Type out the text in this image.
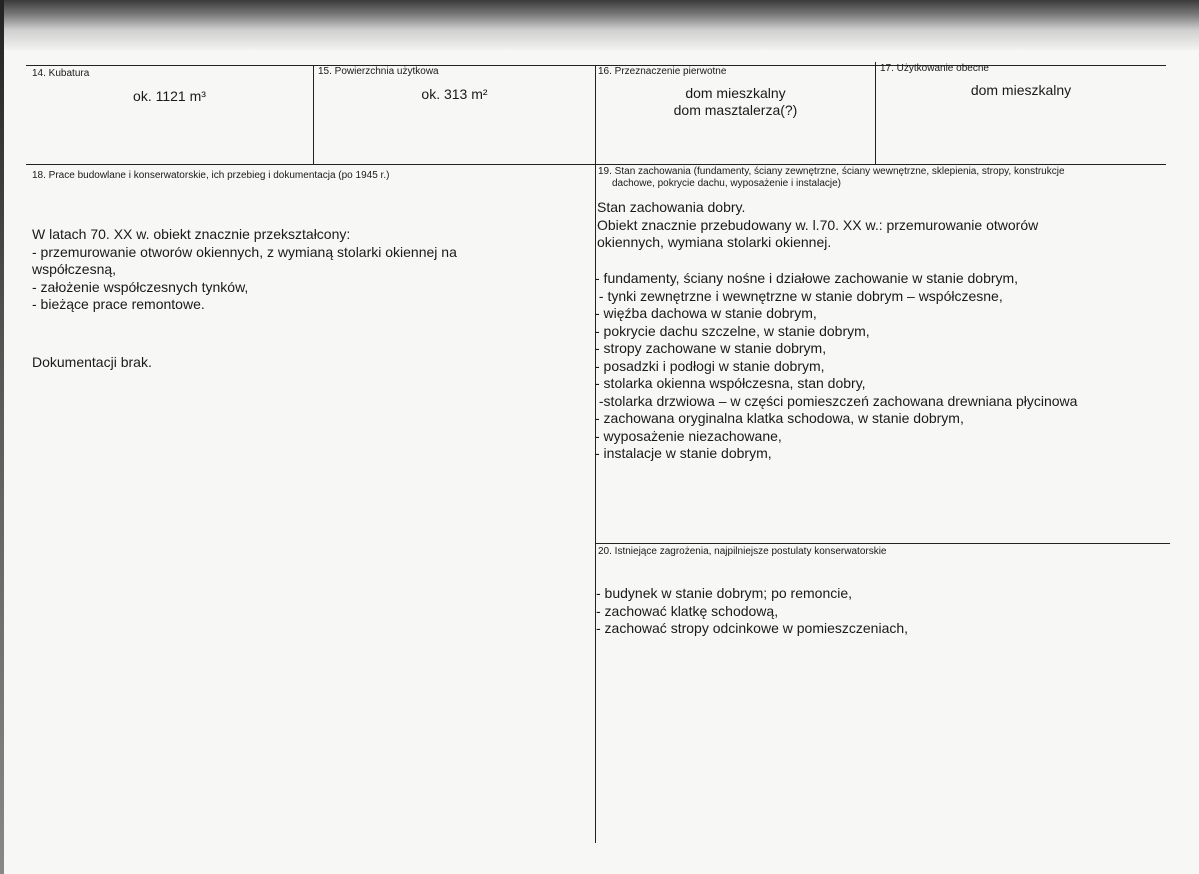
14. Kubatura
ok. 1121 m³
15. Powierzchnia użytkowa
ok. 313 m²
16. Przeznaczenie pierwotne
dom mieszkalny
dom masztalerza(?)
17. Użytkowanie obecne
dom mieszkalny
18. Prace budowlane i konserwatorskie, ich przebieg i dokumentacja (po 1945 r.)
W latach 70. XX w. obiekt znacznie przekształcony:
- przemurowanie otworów okiennych, z wymianą stolarki okiennej na
współczesną,
- założenie współczesnych tynków,
- bieżące prace remontowe.
Dokumentacji brak.
19. Stan zachowania (fundamenty, ściany zewnętrzne, ściany wewnętrzne, sklepienia, stropy, konstrukcje
dachowe, pokrycie dachu, wyposażenie i instalacje)
Stan zachowania dobry.
Obiekt znacznie przebudowany w. l.70. XX w.: przemurowanie otworów
okiennych, wymiana stolarki okiennej.
- fundamenty, ściany nośne i działowe zachowanie w stanie dobrym,
- tynki zewnętrzne i wewnętrzne w stanie dobrym – współczesne,
- więźba dachowa w stanie dobrym,
- pokrycie dachu szczelne, w stanie dobrym,
- stropy zachowane w stanie dobrym,
- posadzki i podłogi w stanie dobrym,
- stolarka okienna współczesna, stan dobry,
-stolarka drzwiowa – w części pomieszczeń zachowana drewniana płycinowa
- zachowana oryginalna klatka schodowa, w stanie dobrym,
- wyposażenie niezachowane,
- instalacje w stanie dobrym,
20. Istniejące zagrożenia, najpilniejsze postulaty konserwatorskie
- budynek w stanie dobrym; po remoncie,
- zachować klatkę schodową,
- zachować stropy odcinkowe w pomieszczeniach,
